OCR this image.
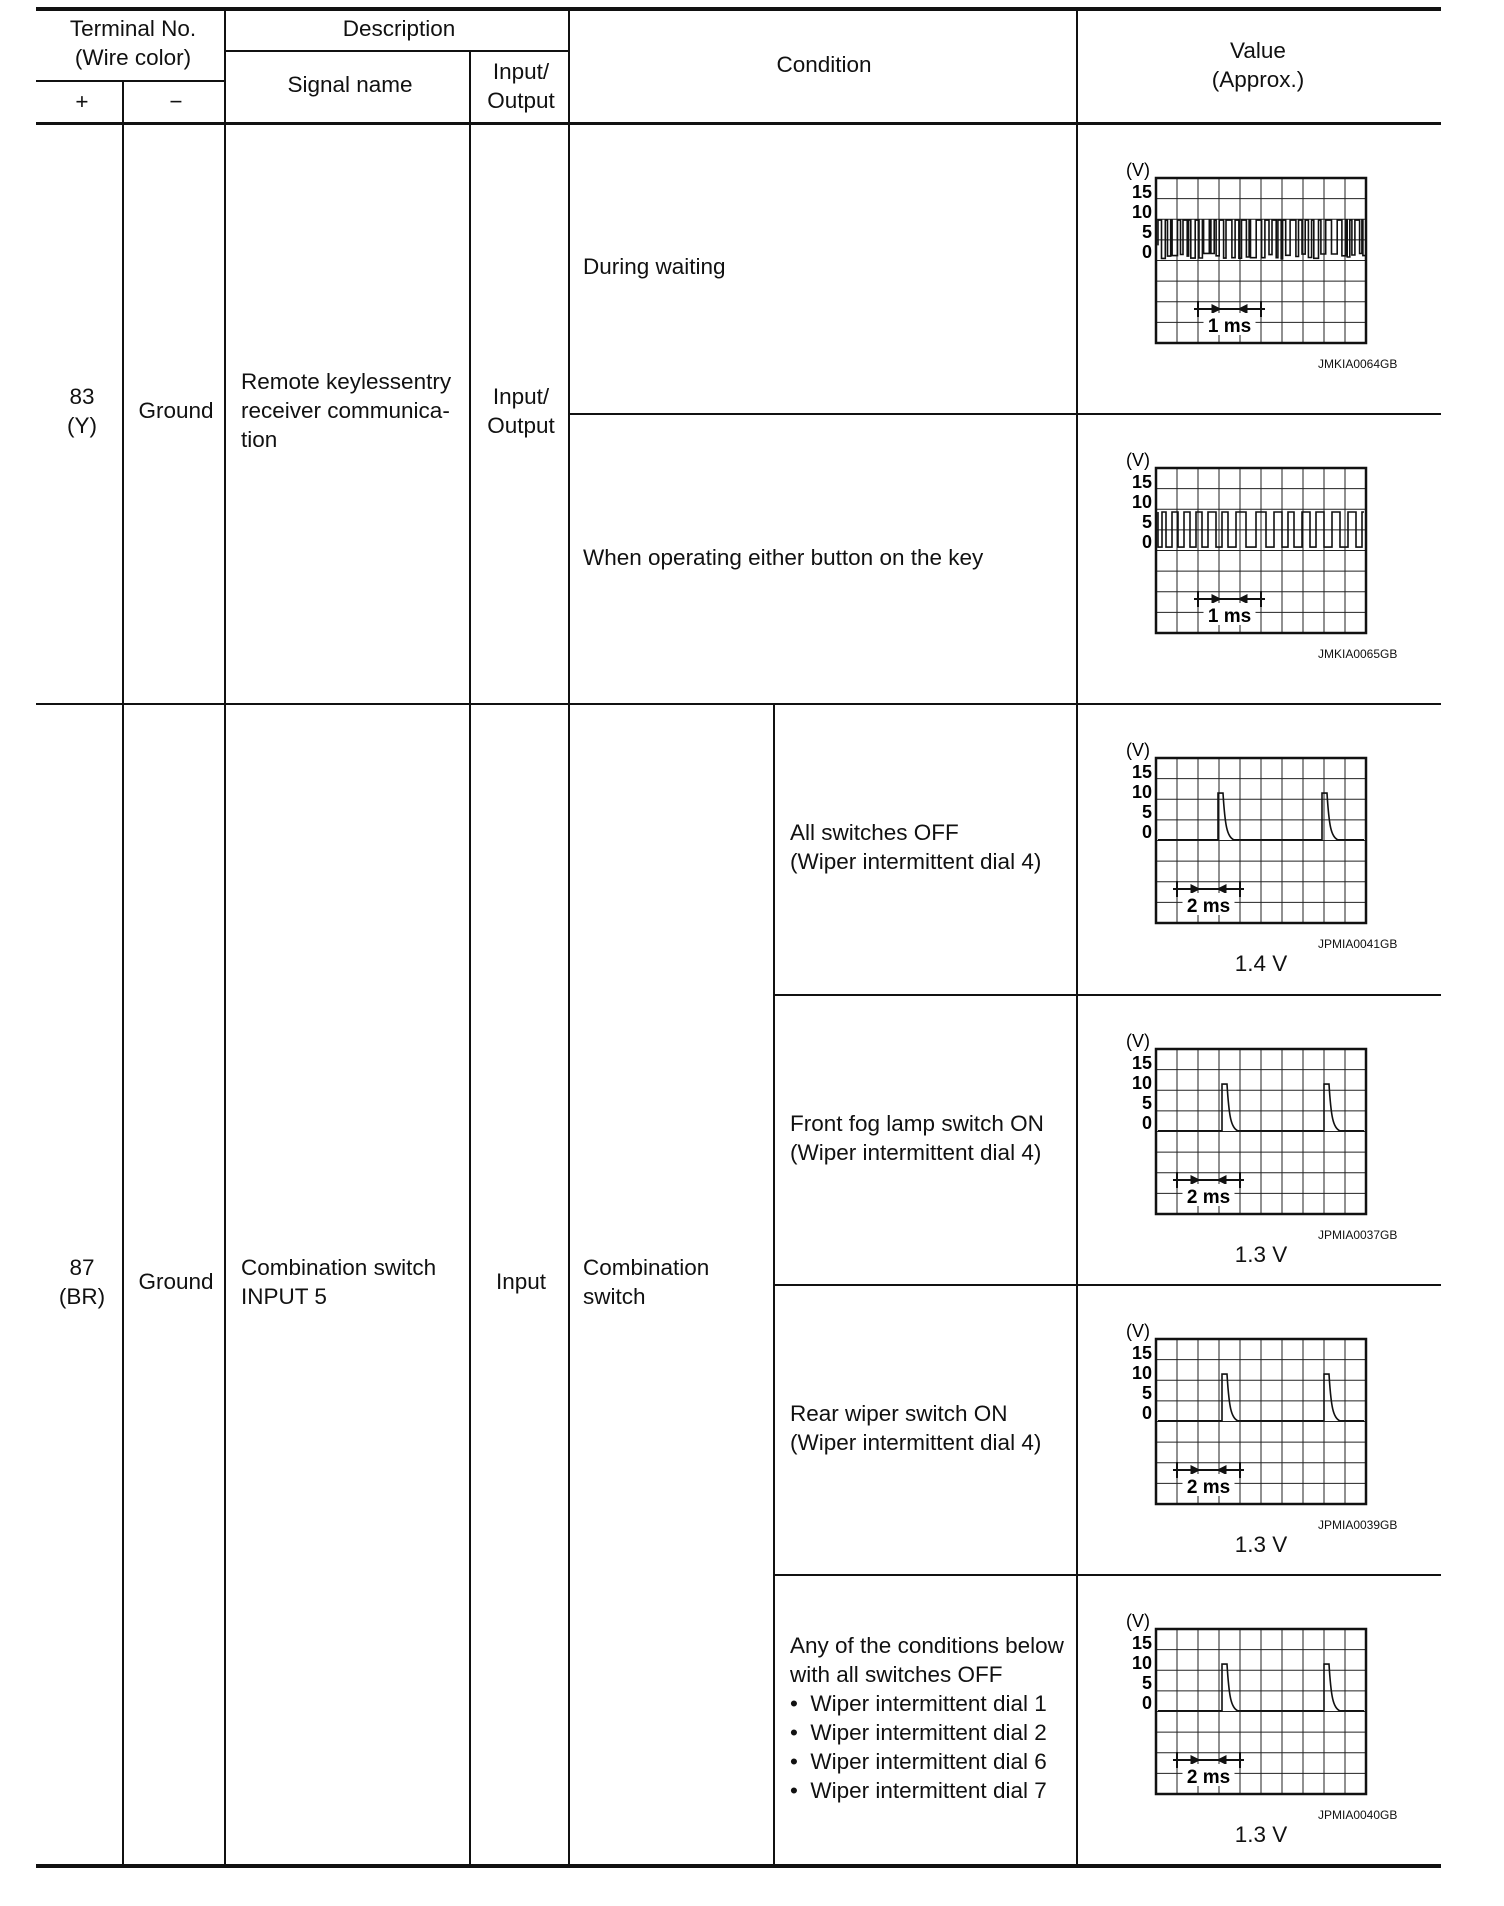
Terminal No.
(Wire color)
+	−
Description
Signal name
Input/
Output
Condition
Value
(Approx.)
83
(Y)
Ground
Remote keylessentry
receiver communica-
tion
Input/
Output
During waiting
When operating either button on the key
87
(BR)
Ground
Combination switch
INPUT 5
Input
Combination
switch
All switches OFF
(Wiper intermittent dial 4)
Front fog lamp switch ON
(Wiper intermittent dial 4)
Rear wiper switch ON
(Wiper intermittent dial 4)
Any of the conditions below
with all switches OFF
•  Wiper intermittent dial 1
•  Wiper intermittent dial 2
•  Wiper intermittent dial 6
•  Wiper intermittent dial 7
(V)
15
10
5
0
1 ms
JMKIA0064GB
(V)
15
10
5
0
1 ms
JMKIA0065GB
(V)
15
10
5
0
2 ms
JPMIA0041GB
1.4 V
(V)
15
10
5
0
2 ms
JPMIA0037GB
1.3 V
(V)
15
10
5
0
2 ms
JPMIA0039GB
1.3 V
(V)
15
10
5
0
2 ms
JPMIA0040GB
1.3 V
